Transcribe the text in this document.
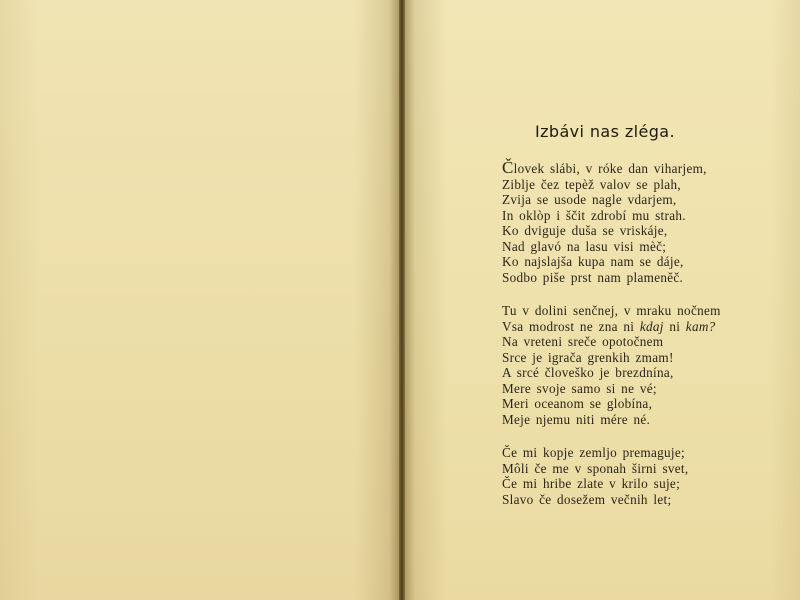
Izbávi nas zléga.
Človek slábi, v róke dan viharjem,
Ziblje čez tepèž valov se plah,
Zvija se usode nagle vdarjem,
In oklòp i ščit zdrobí mu strah.
Ko dviguje duša se vriskáje,
Nad glavó na lasu visi mèč;
Ko najslajša kupa nam se dáje,
Sodbo piše prst nam plameněč.
Tu v dolini senčnej, v mraku nočnem
Vsa modrost ne zna ni kdaj ni kam?
Na vreteni sreče opotočnem
Srce je igrača grenkih zmam!
A srcé človeško je brezdnína,
Mere svoje samo si ne vé;
Meri oceanom se globína,
Meje njemu niti mére né.
Če mi kopje zemljo premaguje;
Môli če me v sponah širni svet,
Če mi hribe zlate v krilo suje;
Slavo če dosežem večnih let;
